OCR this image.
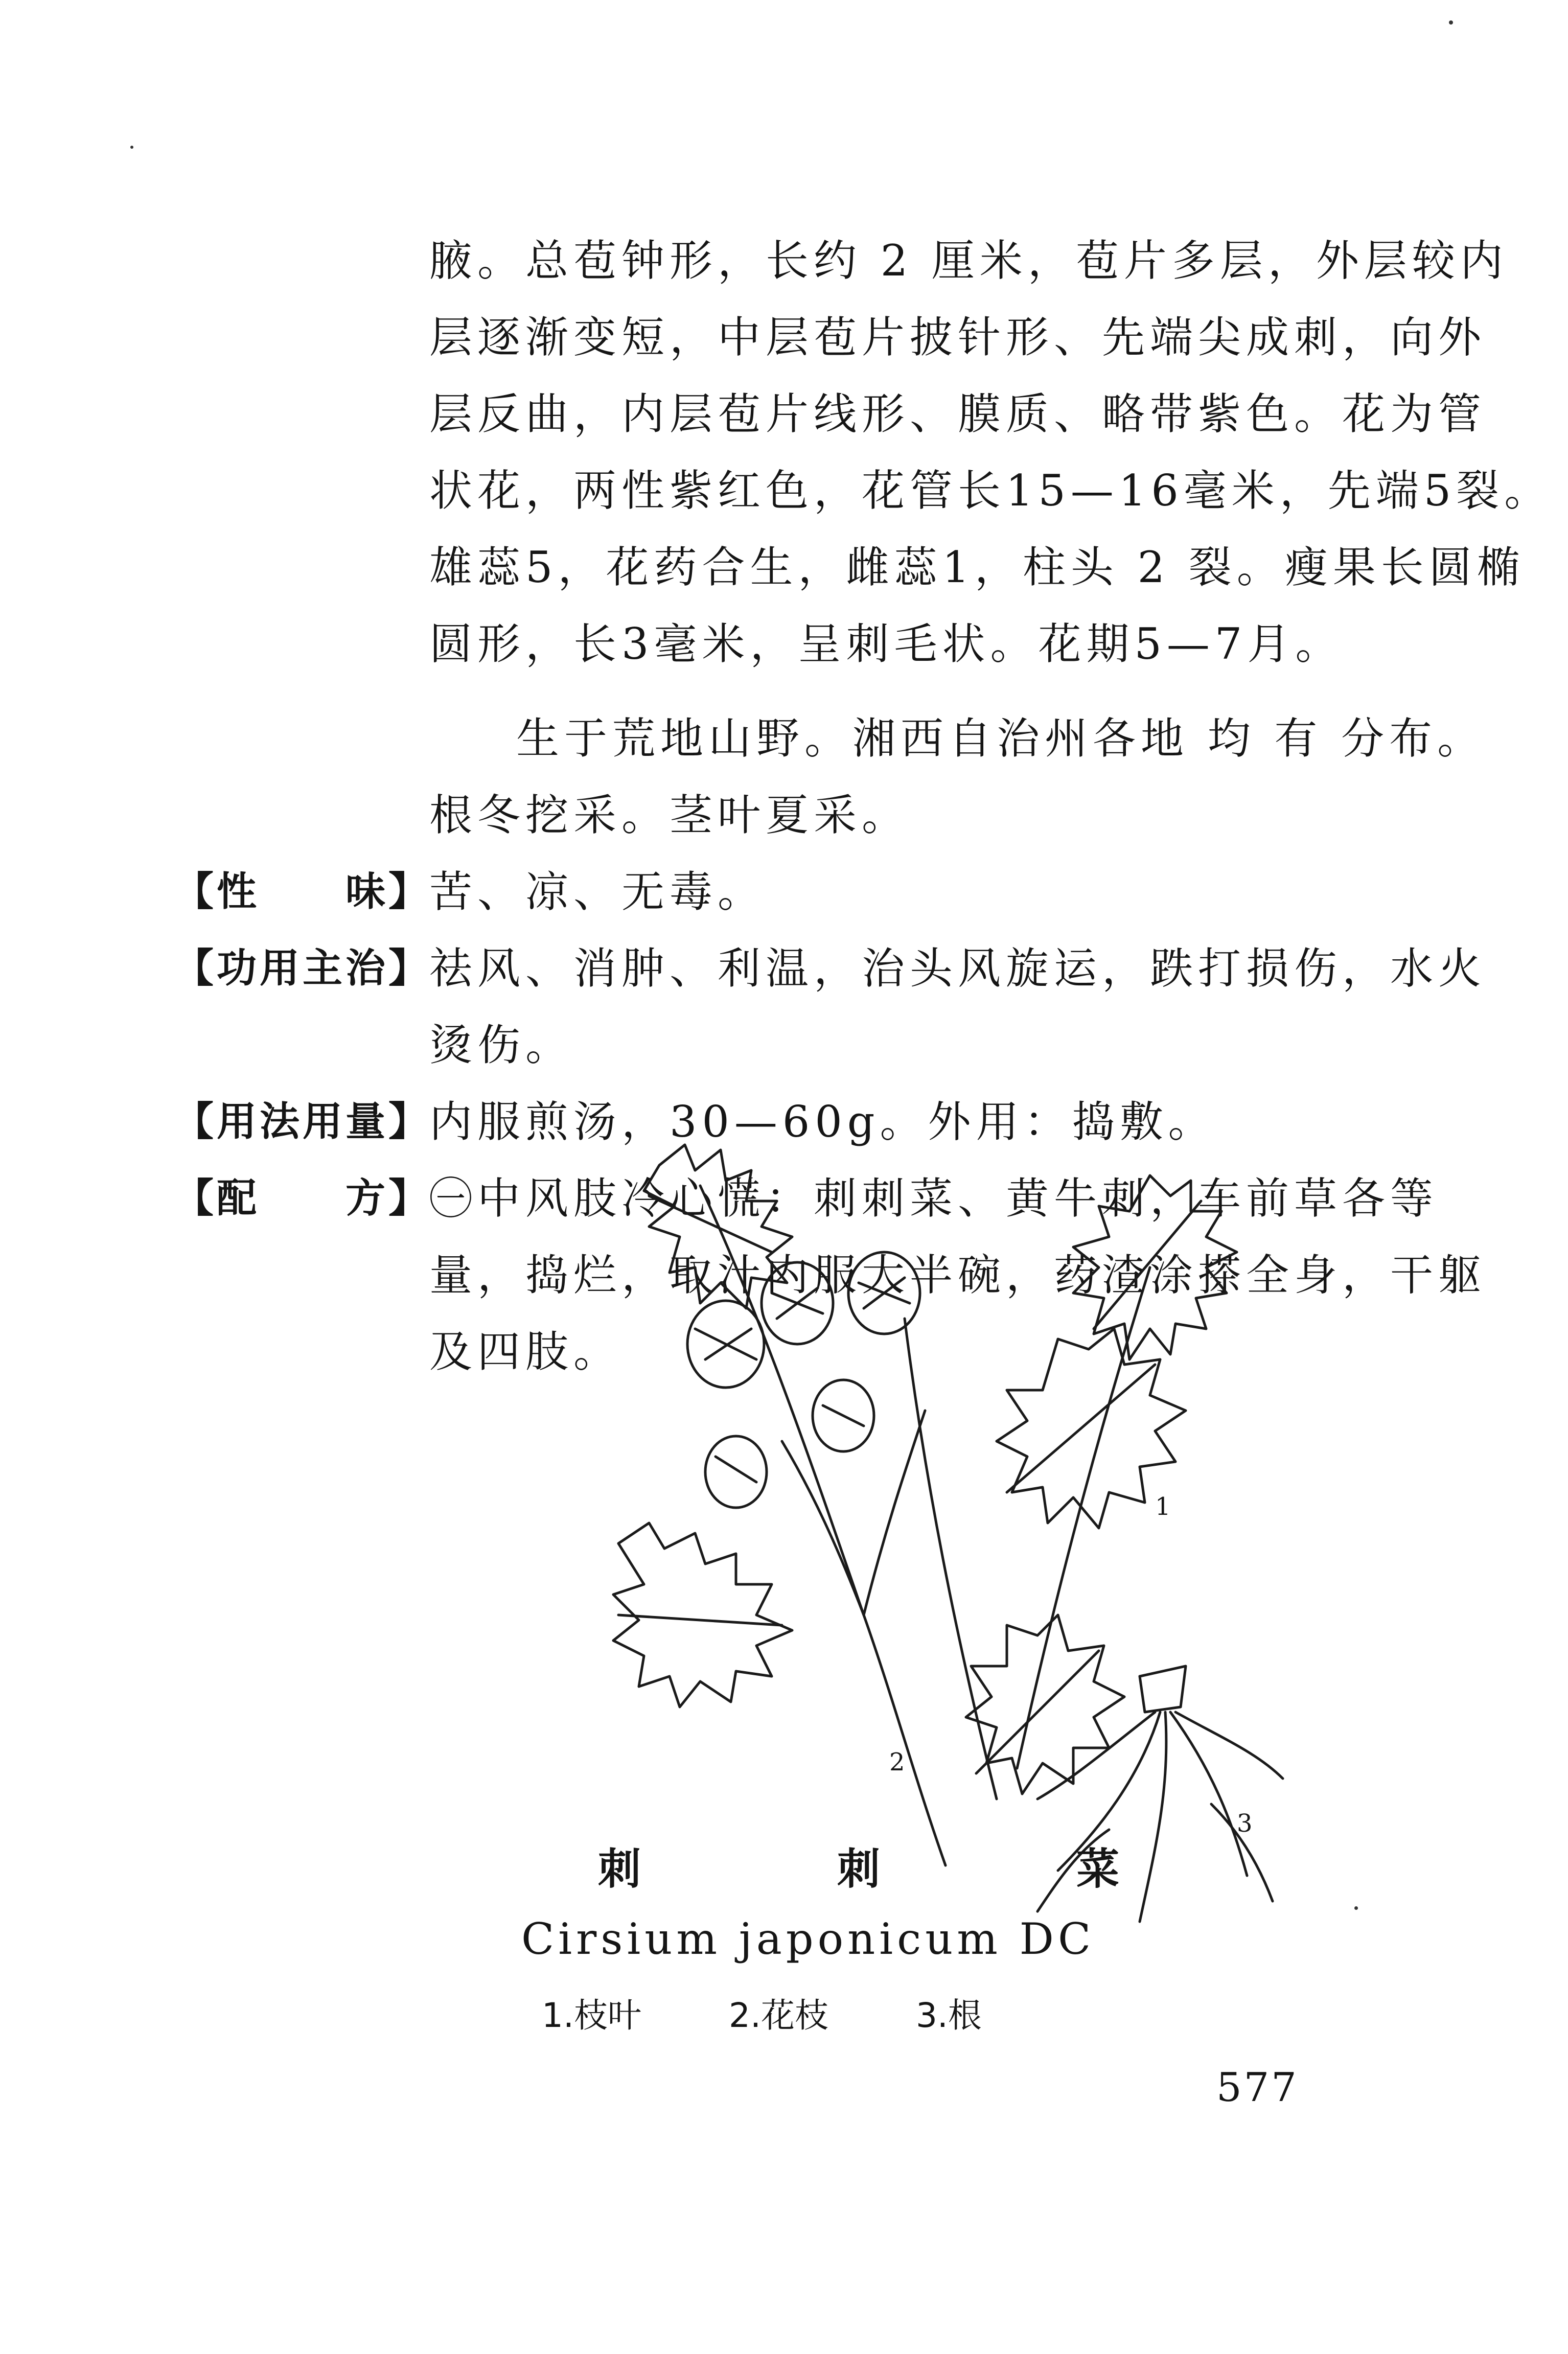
腋。总苞钟形，长约 2 厘米，苞片多层，外层较内
层逐渐变短，中层苞片披针形、先端尖成刺，向外
层反曲，内层苞片线形、膜质、略带紫色。花为管
状花，两性紫红色，花管长15—16毫米，先端5裂。
雄蕊5，花药合生，雌蕊1，柱头 2 裂。瘦果长圆椭
圆形，长3毫米，呈刺毛状。花期5—7月。
生于荒地山野。湘西自治州各地 均 有 分布。
根冬挖采。茎叶夏采。
【性　　味】
苦、凉、无毒。
【功用主治】
祛风、消肿、利温，治头风旋运，跌打损伤，水火
烫伤。
【用法用量】
内服煎汤，30—60g。外用：捣敷。
【配　　方】
㊀中风肢冷心慌：刺刺菜、黄牛刺，车前草各等
量，捣烂，取汁内服大半碗，药渣涂搽全身，干躯
及四肢。
1
2
3
刺　刺　菜
Cirsium japonicum DC
1.枝叶	2.花枝	3.根
577
